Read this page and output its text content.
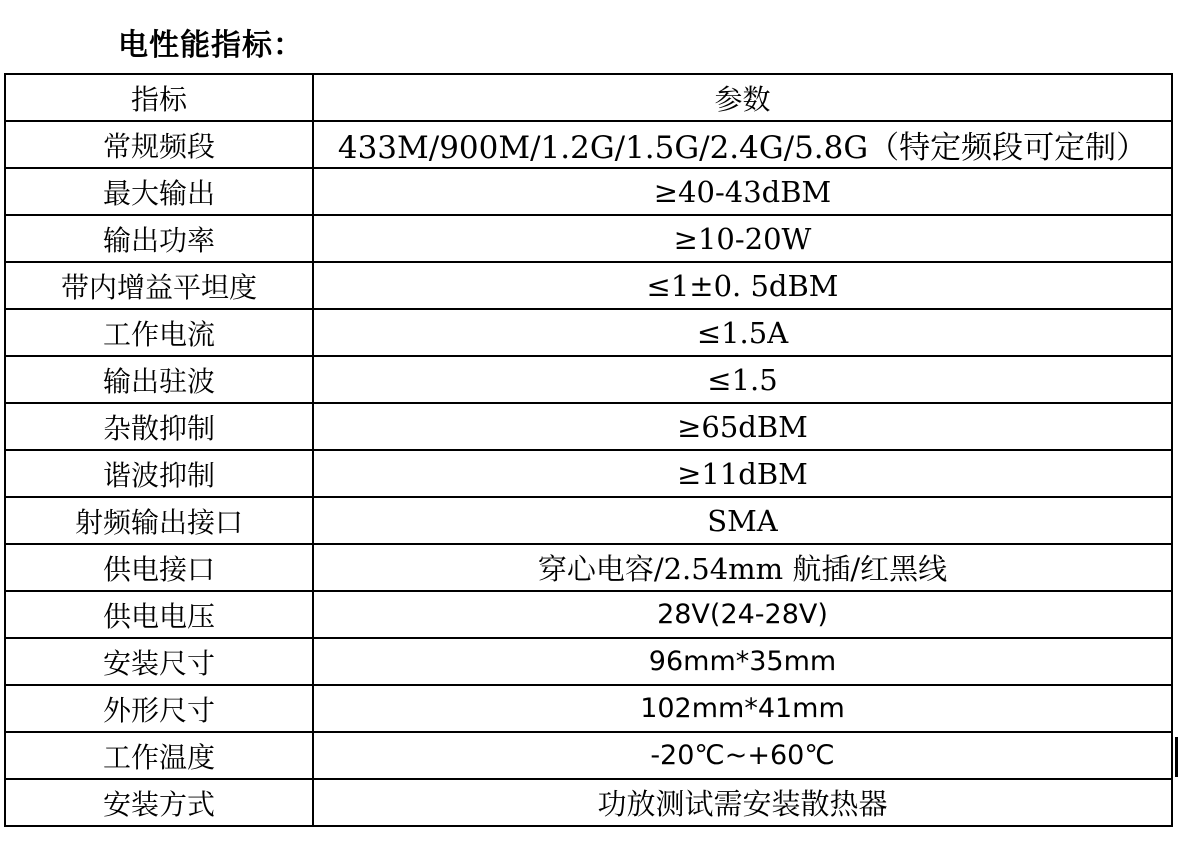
电性能指标：
指标	参数
常规频段	433M/900M/1.2G/1.5G/2.4G/5.8G（特定频段可定制）
最大输出	≥40-43dBM
输出功率	≥10-20W
带内增益平坦度	≤1±0. 5dBM
工作电流	≤1.5A
输出驻波	≤1.5
杂散抑制	≥65dBM
谐波抑制	≥11dBM
射频输出接口	SMA
供电接口	穿心电容/2.54mm 航插/红黑线
供电电压	28V(24-28V)
安装尺寸	96mm*35mm
外形尺寸	102mm*41mm
工作温度	-20℃~+60℃
安装方式	功放测试需安装散热器
